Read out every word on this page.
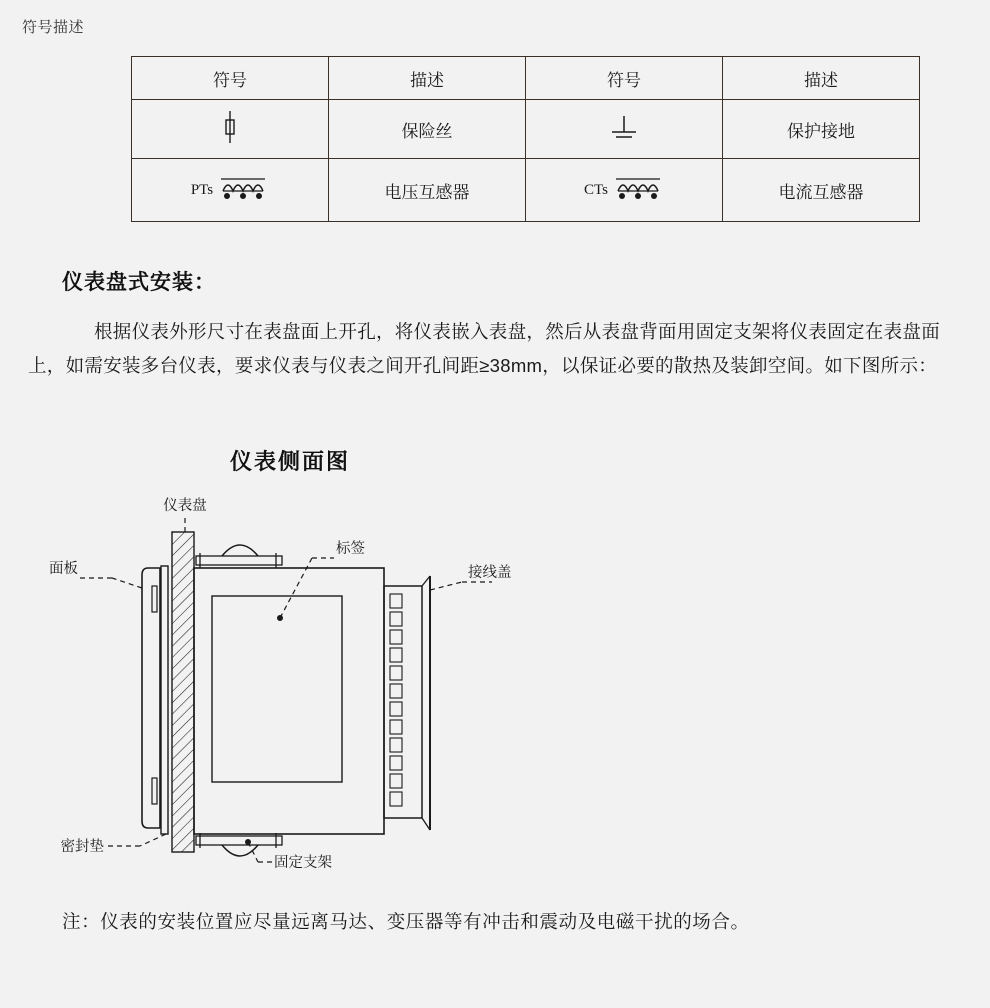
符号描述
符号	描述	符号	描述
	保险丝		保护接地

PTs	电压互感器	CTs	电流互感器
仪表盘式安装：
根据仪表外形尺寸在表盘面上开孔，将仪表嵌入表盘，然后从表盘背面用固定支架将仪表固定在表盘面上，如需安装多台仪表，要求仪表与仪表之间开孔间距≥38mm，以保证必要的散热及装卸空间。如下图所示：
仪表侧面图
仪表盘
面板
标签
接线盖
密封垫
固定支架
注：仪表的安装位置应尽量远离马达、变压器等有冲击和震动及电磁干扰的场合。
